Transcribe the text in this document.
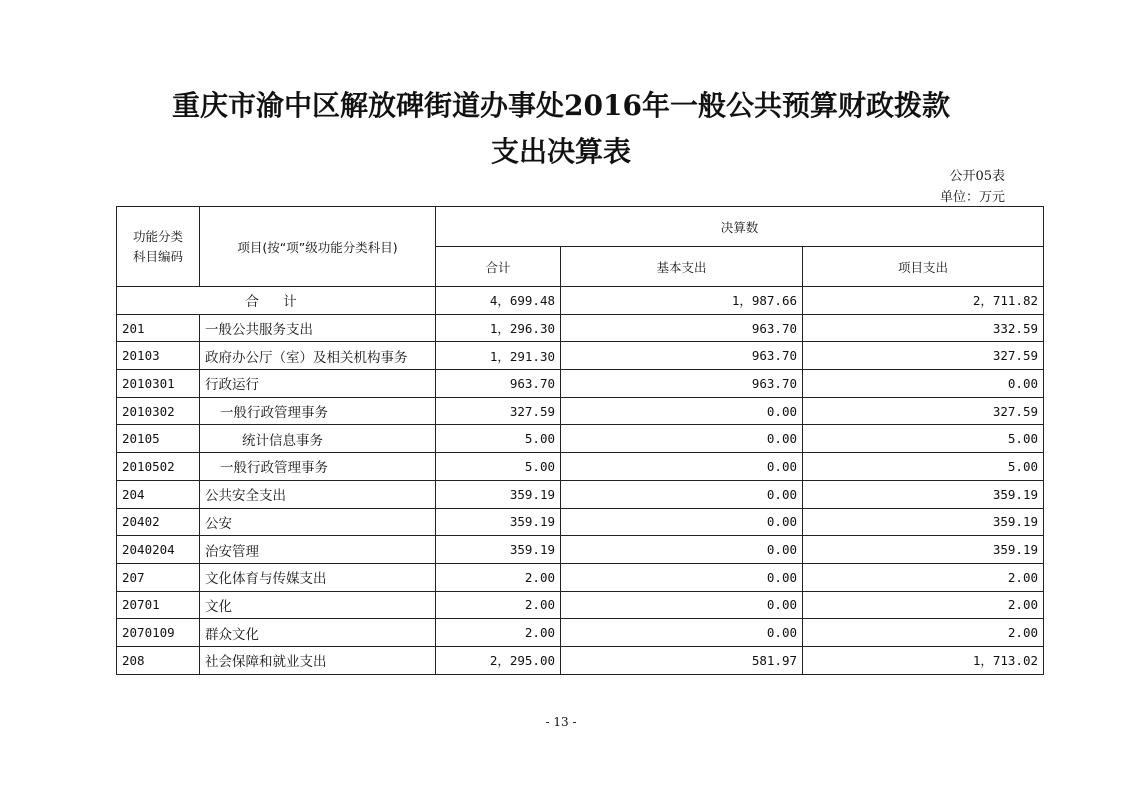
重庆市渝中区解放碑街道办事处2016年一般公共预算财政拨款
支出决算表
公开05表
单位：万元
功能分类
科目编码	项目(按“项”级功能分类科目)	决算数		
		合计	基本支出	项目支出
合 计		4，699.48	1，987.66	2，711.82
201	一般公共服务支出	1，296.30	963.70	332.59
20103	政府办公厅（室）及相关机构事务	1，291.30	963.70	327.59
2010301	行政运行	963.70	963.70	0.00
2010302	一般行政管理事务	327.59	0.00	327.59
20105	统计信息事务	5.00	0.00	5.00
2010502	一般行政管理事务	5.00	0.00	5.00
204	公共安全支出	359.19	0.00	359.19
20402	公安	359.19	0.00	359.19
2040204	治安管理	359.19	0.00	359.19
207	文化体育与传媒支出	2.00	0.00	2.00
20701	文化	2.00	0.00	2.00
2070109	群众文化	2.00	0.00	2.00
208	社会保障和就业支出	2，295.00	581.97	1，713.02
- 13 -
